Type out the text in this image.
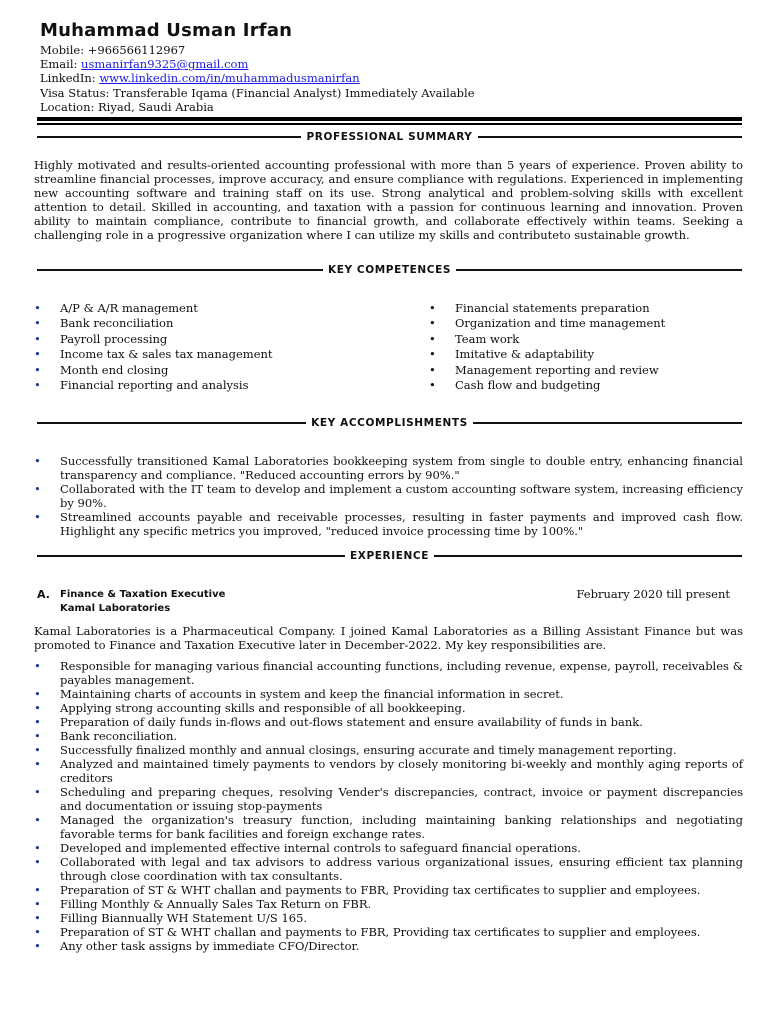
Muhammad Usman Irfan
Mobile: +966566112967
Email: usmanirfan9325@gmail.com
LinkedIn: www.linkedin.com/in/muhammadusmanirfan
Visa Status: Transferable Iqama (Financial Analyst) Immediately Available
Location: Riyad, Saudi Arabia
PROFESSIONAL SUMMARY
Highly motivated and results-oriented accounting professional with more than 5 years of experience. Proven ability to streamline financial processes, improve accuracy, and ensure compliance with regulations. Experienced in implementing new accounting software and training staff on its use. Strong analytical and problem-solving skills with excellent attention to detail. Skilled in accounting, and taxation with a passion for continuous learning and innovation. Proven ability to maintain compliance, contribute to financial growth, and collaborate effectively within teams. Seeking a challenging role in a progressive organization where I can utilize my skills and contributeto sustainable growth.
KEY COMPETENCES
• A/P & A/R management
• Bank reconciliation
• Payroll processing
• Income tax & sales tax management
• Month end closing
• Financial reporting and analysis
• Financial statements preparation
• Organization and time management
• Team work
• Imitative & adaptability
• Management reporting and review
• Cash flow and budgeting
KEY ACCOMPLISHMENTS
• Successfully transitioned Kamal Laboratories bookkeeping system from single to double entry, enhancing financial transparency and compliance. "Reduced accounting errors by 90%."
• Collaborated with the IT team to develop and implement a custom accounting software system, increasing efficiency by 90%.
• Streamlined accounts payable and receivable processes, resulting in faster payments and improved cash flow. Highlight any specific metrics you improved, "reduced invoice processing time by 100%."
EXPERIENCE
A. Finance & Taxation Executive
Kamal Laboratories
February 2020 till present
Kamal Laboratories is a Pharmaceutical Company. I joined Kamal Laboratories as a Billing Assistant Finance but was promoted to Finance and Taxation Executive later in December-2022. My key responsibilities are.
• Responsible for managing various financial accounting functions, including revenue, expense, payroll, receivables & payables management.
• Maintaining charts of accounts in system and keep the financial information in secret.
• Applying strong accounting skills and responsible of all bookkeeping.
• Preparation of daily funds in-flows and out-flows statement and ensure availability of funds in bank.
• Bank reconciliation.
• Successfully finalized monthly and annual closings, ensuring accurate and timely management reporting.
• Analyzed and maintained timely payments to vendors by closely monitoring bi-weekly and monthly aging reports of creditors
• Scheduling and preparing cheques, resolving Vender's discrepancies, contract, invoice or payment discrepancies and documentation or issuing stop-payments
• Managed the organization's treasury function, including maintaining banking relationships and negotiating favorable terms for bank facilities and foreign exchange rates.
• Developed and implemented effective internal controls to safeguard financial operations.
• Collaborated with legal and tax advisors to address various organizational issues, ensuring efficient tax planning through close coordination with tax consultants.
• Preparation of ST & WHT challan and payments to FBR, Providing tax certificates to supplier and employees.
• Filling Monthly & Annually Sales Tax Return on FBR.
• Filling Biannually WH Statement U/S 165.
• Preparation of ST & WHT challan and payments to FBR, Providing tax certificates to supplier and employees.
• Any other task assigns by immediate CFO/Director.
